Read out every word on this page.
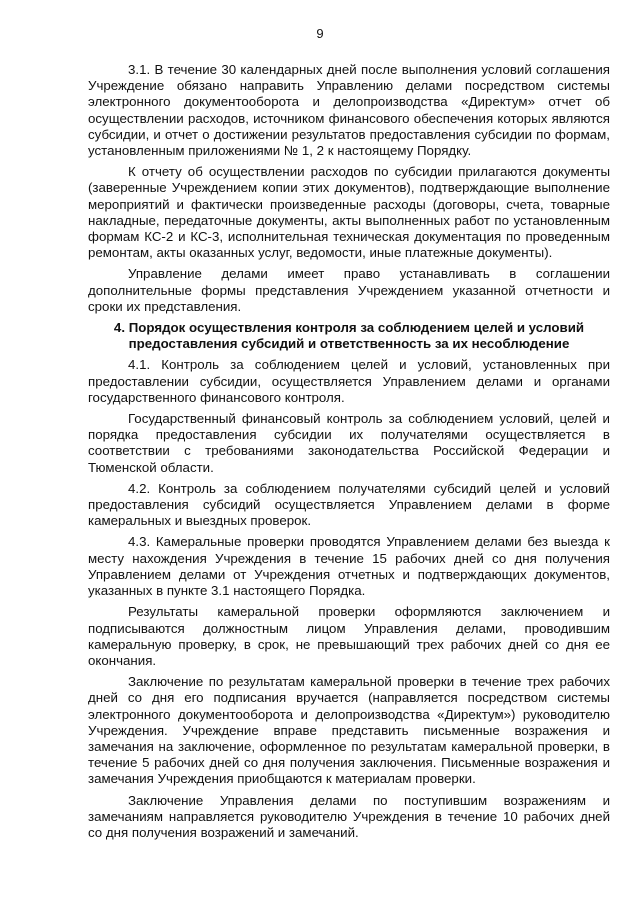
9

3.1. В течение 30 календарных дней после выполнения условий соглашения Учреждение обязано направить Управлению делами посредством системы электронного документооборота и делопроизводства «Директум» отчет об осуществлении расходов, источником финансового обеспечения которых являются субсидии, и отчет о достижении результатов предоставления субсидии по формам, установленным приложениями № 1, 2 к настоящему Порядку.

К отчету об осуществлении расходов по субсидии прилагаются документы (заверенные Учреждением копии этих документов), подтверждающие выполнение мероприятий и фактически произведенные расходы (договоры, счета, товарные накладные, передаточные документы, акты выполненных работ по установленным формам КС-2 и КС-3, исполнительная техническая документация по проведенным ремонтам, акты оказанных услуг, ведомости, иные платежные документы).

Управление делами имеет право устанавливать в соглашении дополнительные формы представления Учреждением указанной отчетности и сроки их представления.

4. Порядок осуществления контроля за соблюдением целей и условий предоставления субсидий и ответственность за их несоблюдение

4.1. Контроль за соблюдением целей и условий, установленных при предоставлении субсидии, осуществляется Управлением делами и органами государственного финансового контроля.

Государственный финансовый контроль за соблюдением условий, целей и порядка предоставления субсидии их получателями осуществляется в соответствии с требованиями законодательства Российской Федерации и Тюменской области.

4.2. Контроль за соблюдением получателями субсидий целей и условий предоставления субсидий осуществляется Управлением делами в форме камеральных и выездных проверок.

4.3. Камеральные проверки проводятся Управлением делами без выезда к месту нахождения Учреждения в течение 15 рабочих дней со дня получения Управлением делами от Учреждения отчетных и подтверждающих документов, указанных в пункте 3.1 настоящего Порядка.

Результаты камеральной проверки оформляются заключением и подписываются должностным лицом Управления делами, проводившим камеральную проверку, в срок, не превышающий трех рабочих дней со дня ее окончания.

Заключение по результатам камеральной проверки в течение трех рабочих дней со дня его подписания вручается (направляется посредством системы электронного документооборота и делопроизводства «Директум») руководителю Учреждения. Учреждение вправе представить письменные возражения и замечания на заключение, оформленное по результатам камеральной проверки, в течение 5 рабочих дней со дня получения заключения. Письменные возражения и замечания Учреждения приобщаются к материалам проверки.

Заключение Управления делами по поступившим возражениям и замечаниям направляется руководителю Учреждения в течение 10 рабочих дней со дня получения возражений и замечаний.
